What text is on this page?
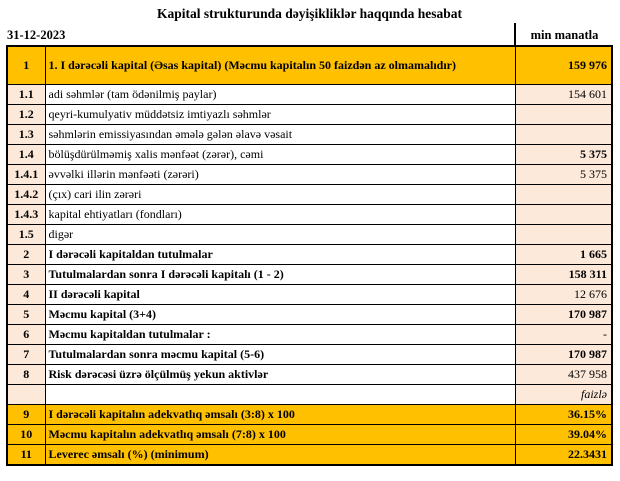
Kapital strukturunda dəyişikliklər haqqında hesabat
31-12-2023	min manatla
1	1. I dərəcəli kapital (Əsas kapital) (Məcmu kapitalın 50 faizdən az olmamalıdır)	159 976
1.1	adi səhmlər (tam ödənilmiş paylar)	154 601
1.2	qeyri-kumulyativ müddətsiz imtiyazlı səhmlər	
1.3	səhmlərin emissiyasından əmələ gələn əlavə vəsait	
1.4	bölüşdürülməmiş xalis mənfəət (zərər), cəmi	5 375
1.4.1	əvvəlki illərin mənfəəti (zərəri)	5 375
1.4.2	(çıx) cari ilin zərəri	
1.4.3	kapital ehtiyatları (fondları)	
1.5	digər	
2	I dərəcəli kapitaldan tutulmalar	1 665
3	Tutulmalardan sonra I dərəcəli kapitalı (1 - 2)	158 311
4	II dərəcəli kapital	12 676
5	Məcmu kapital (3+4)	170 987
6	Məcmu kapitaldan tutulmalar :	-
7	Tutulmalardan sonra məcmu kapital (5-6)	170 987
8	Risk dərəcəsi üzrə ölçülmüş yekun aktivlər	437 958
		faizlə
9	I dərəcəli kapitalın adekvatlıq əmsalı (3:8) x 100	36.15%
10	Məcmu kapitalın adekvatlıq əmsalı (7:8) x 100	39.04%
11	Leverec əmsalı (%) (minimum)	22.3431
